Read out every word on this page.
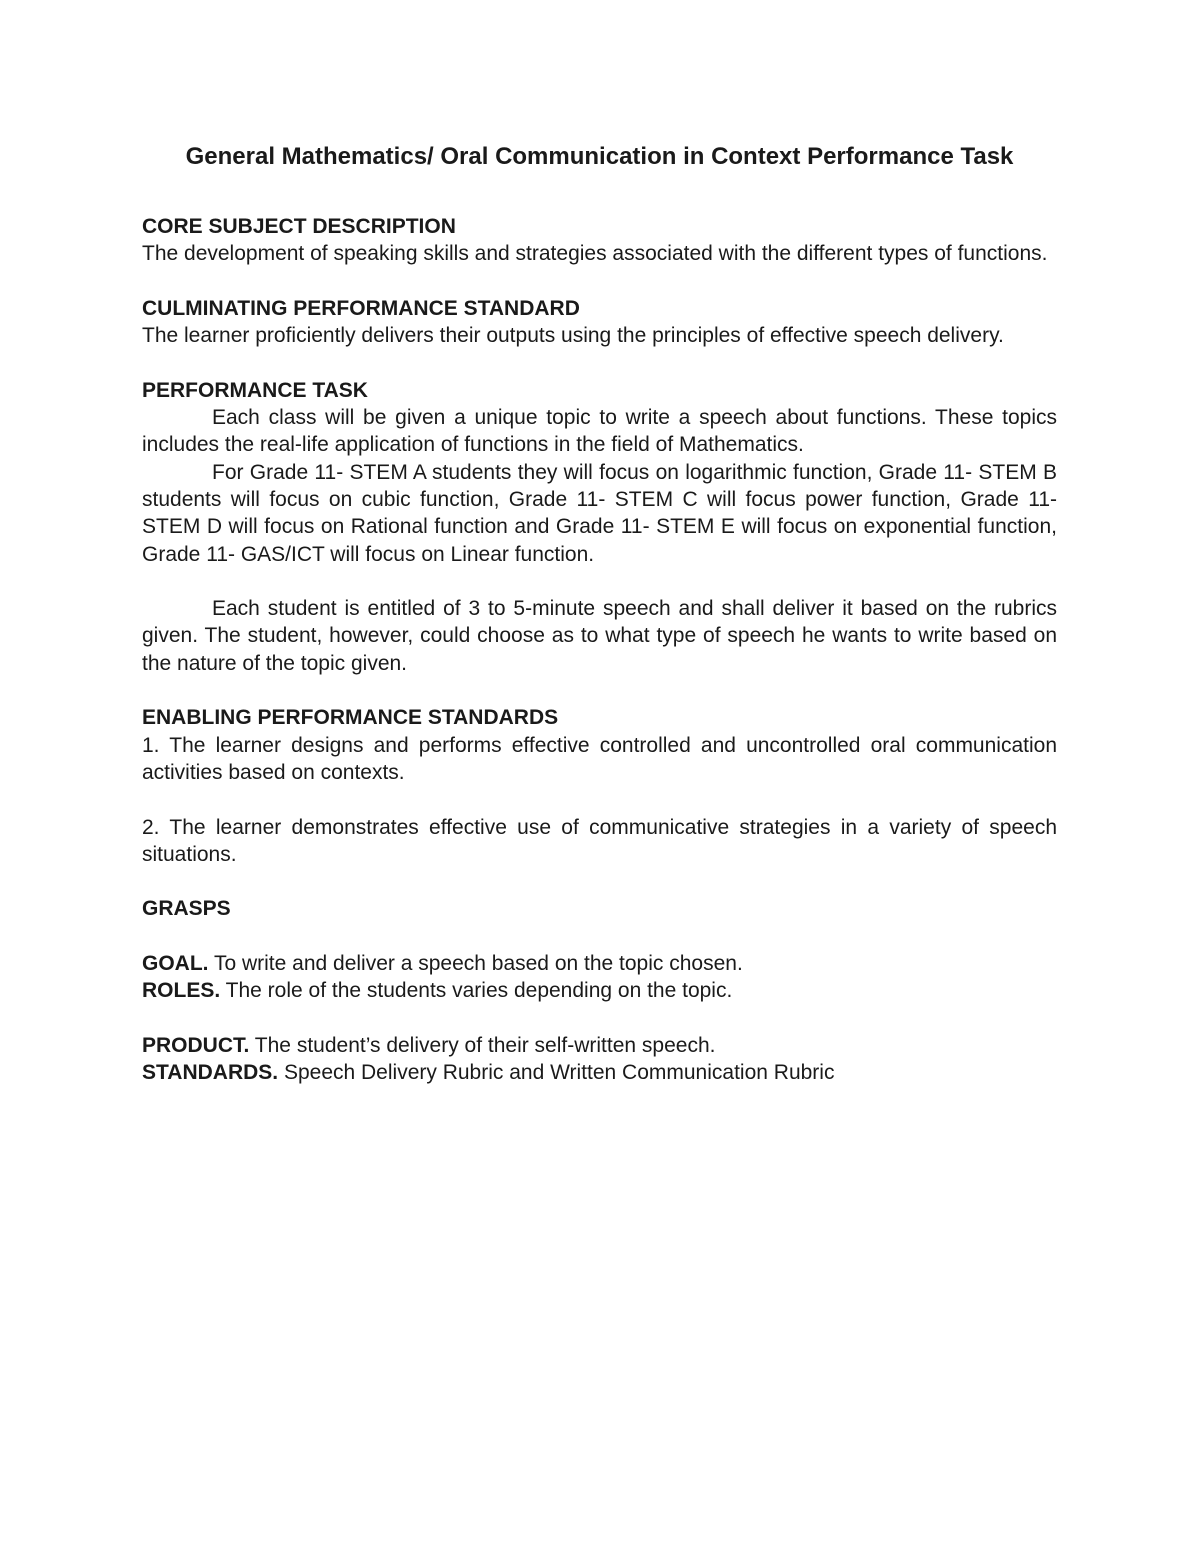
General Mathematics/ Oral Communication in Context Performance Task

CORE SUBJECT DESCRIPTION

The development of speaking skills and strategies associated with the different types of functions.

CULMINATING PERFORMANCE STANDARD

The learner proficiently delivers their outputs using the principles of effective speech delivery.

PERFORMANCE TASK

Each class will be given a unique topic to write a speech about functions. These topics includes the real-life application of functions in the field of Mathematics.

For Grade 11- STEM A students they will focus on logarithmic function, Grade 11- STEM B students will focus on cubic function, Grade 11- STEM C will focus power function, Grade 11- STEM D will focus on Rational function and Grade 11- STEM E will focus on exponential function, Grade 11- GAS/ICT will focus on Linear function.

Each student is entitled of 3 to 5-minute speech and shall deliver it based on the rubrics given. The student, however, could choose as to what type of speech he wants to write based on the nature of the topic given.

ENABLING PERFORMANCE STANDARDS

1. The learner designs and performs effective controlled and uncontrolled oral communication activities based on contexts.

2. The learner demonstrates effective use of communicative strategies in a variety of speech situations.

GRASPS

GOAL. To write and deliver a speech based on the topic chosen.

ROLES. The role of the students varies depending on the topic.

PRODUCT. The student’s delivery of their self-written speech.

STANDARDS. Speech Delivery Rubric and Written Communication Rubric
